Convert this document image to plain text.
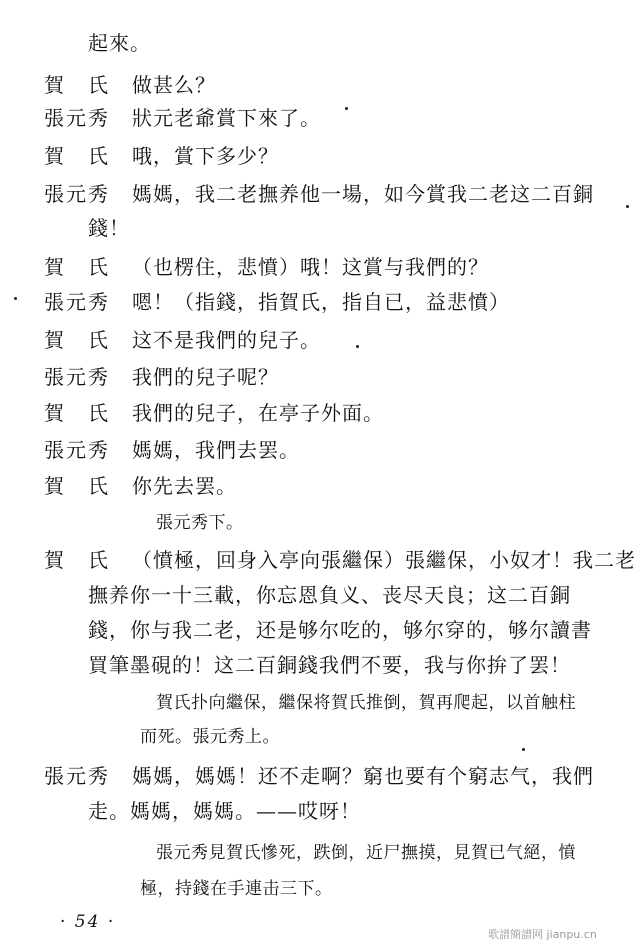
起來。
賀　氏 做甚么？
張元秀 狀元老爺賞下來了。
賀　氏 哦，賞下多少？
張元秀 媽媽，我二老撫养他一場，如今賞我二老这二百銅
錢！
賀　氏 （也楞住，悲憤）哦！这賞与我們的？
張元秀 嗯！（指錢，指賀氏，指自已，益悲憤）
賀　氏 这不是我們的兒子。
張元秀 我們的兒子呢？
賀　氏 我們的兒子，在亭子外面。
張元秀 媽媽，我們去罢。
賀　氏 你先去罢。
張元秀下。
賀　氏 （憤極，回身入亭向張繼保）張繼保，小奴才！我二老
撫养你一十三載，你忘恩負义、丧尽天良；这二百銅
錢，你与我二老，还是够尔吃的，够尔穿的，够尔讀書
買筆墨硯的！这二百銅錢我們不要，我与你拚了罢！
賀氏扑向繼保，繼保将賀氏推倒，賀再爬起，以首触柱
而死。張元秀上。
張元秀 媽媽，媽媽！还不走啊？窮也要有个窮志气，我們
走。媽媽，媽媽。——哎呀！
張元秀見賀氏慘死，跌倒，近尸撫摸，見賀已气絕，憤
極，持錢在手連击三下。
· 54 ·
歌譜簡譜网 jianpu.cn
